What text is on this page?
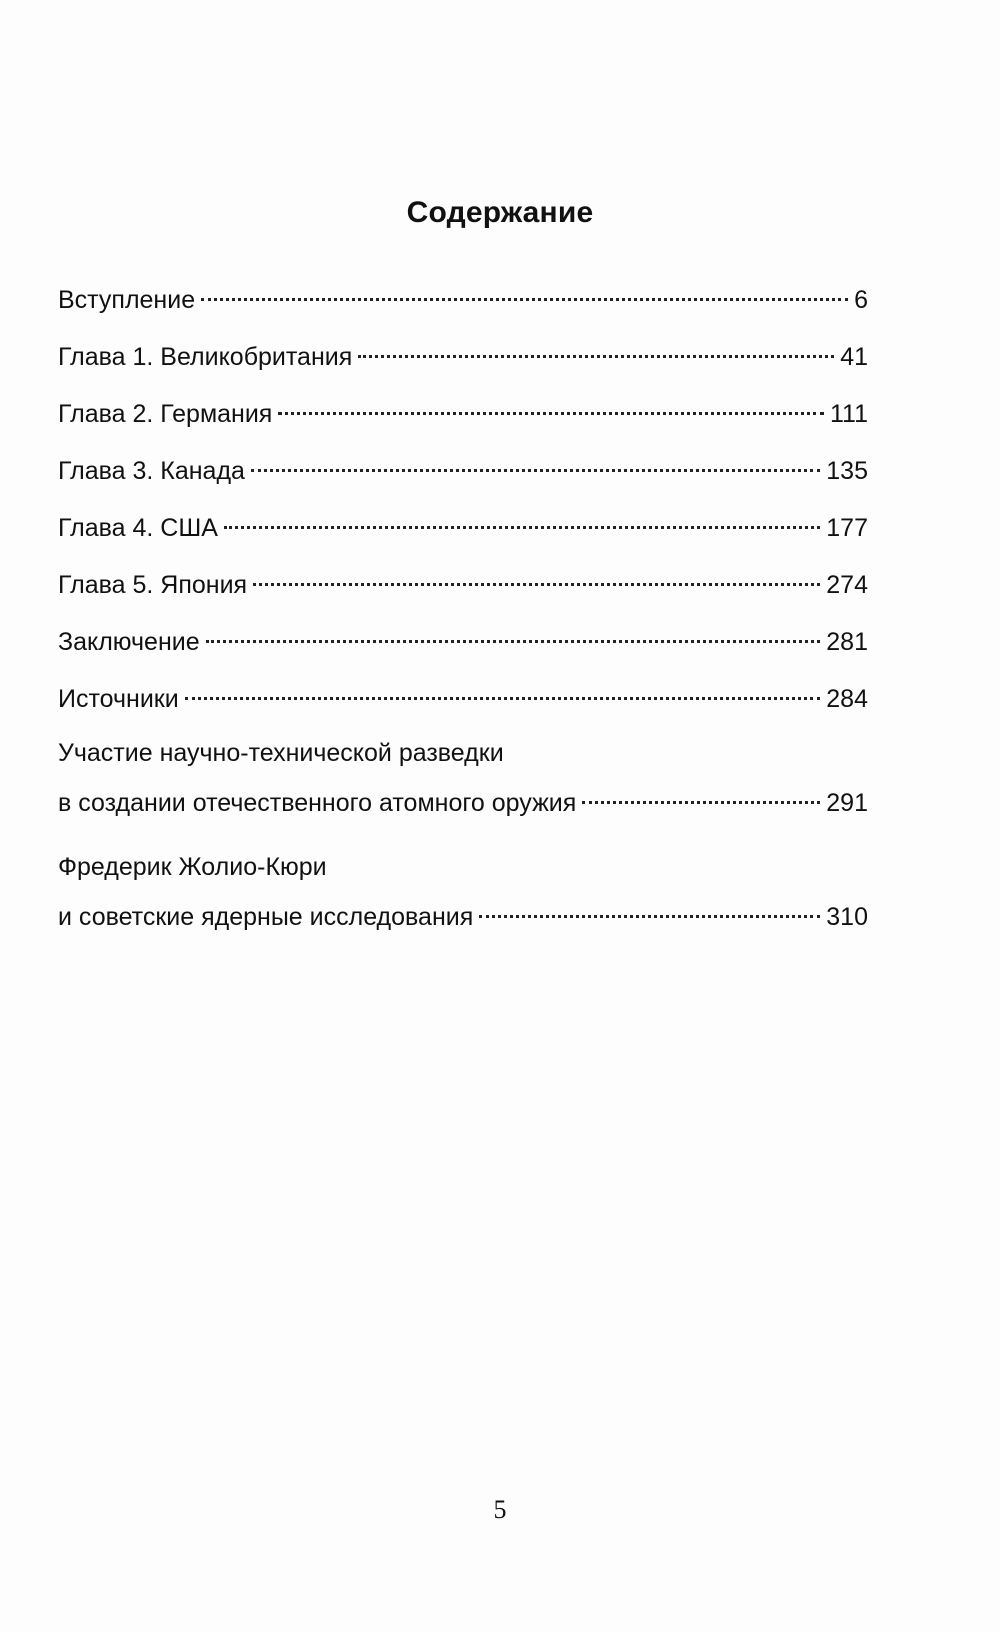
Содержание
Вступление	6
Глава 1. Великобритания	41
Глава 2. Германия	111
Глава 3. Канада	135
Глава 4. США	177
Глава 5. Япония	274
Заключение	281
Источники	284
Участие научно-технической разведки
в создании отечественного атомного оружия	291
Фредерик Жолио-Кюри
и советские ядерные исследования	310
5
